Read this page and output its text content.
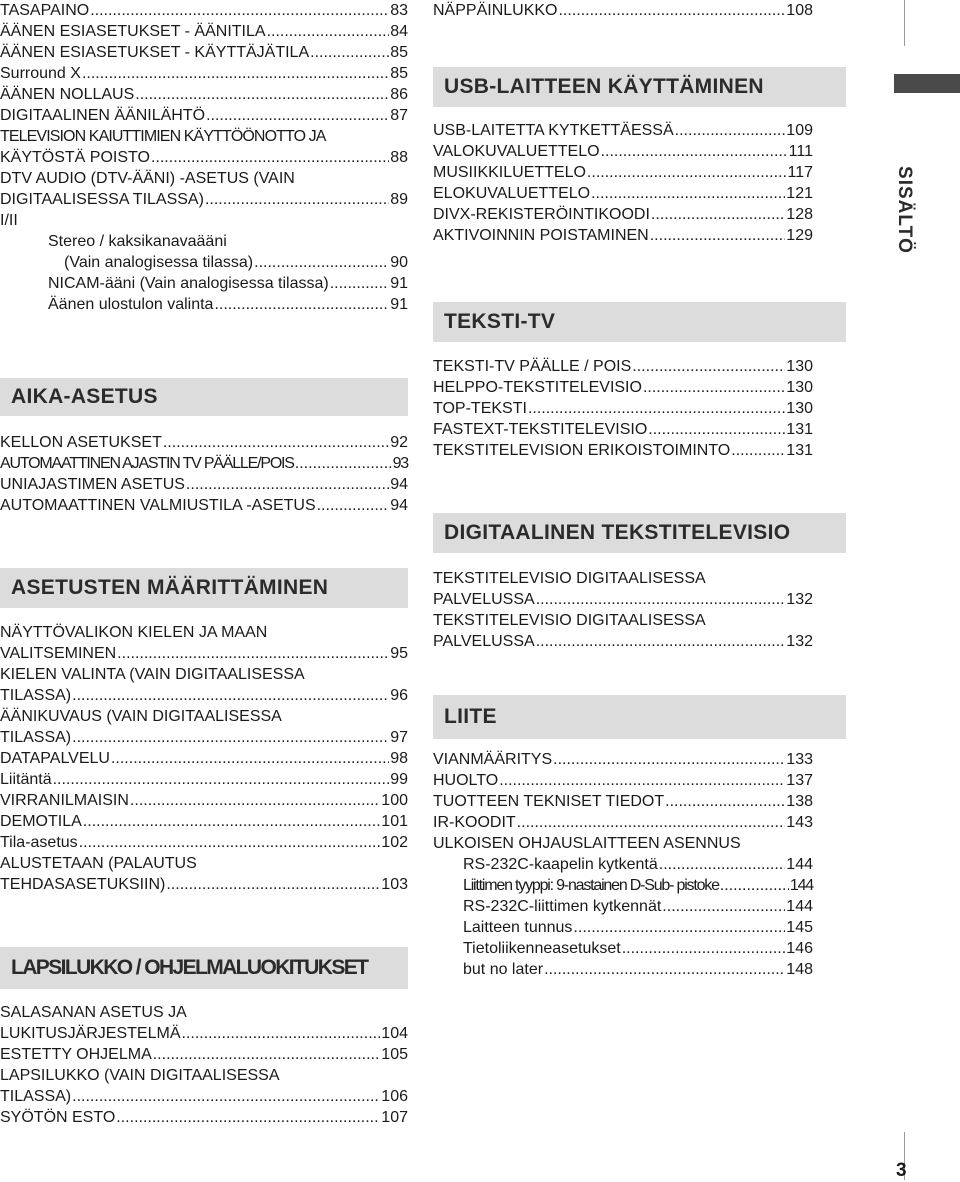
TASAPAINO .....	83
ÄÄNEN ESIASETUKSET - ÄÄNITILA .....	84
ÄÄNEN ESIASETUKSET - KÄYTTÄJÄTILA .....	85
Surround X .....	85
ÄÄNEN NOLLAUS .....	86
DIGITAALINEN ÄÄNILÄHTÖ .....	87
TELEVISION KAIUTTIMIEN KÄYTTÖÖNOTTO JA
KÄYTÖSTÄ POISTO .....	88
DTV AUDIO (DTV-ÄÄNI) -ASETUS (VAIN
DIGITAALISESSA TILASSA) .....	89
I/II
Stereo / kaksikanavaääni
(Vain analogisessa tilassa) .....	90
NICAM-ääni (Vain analogisessa tilassa) .....	91
Äänen ulostulon valinta .....	91
AIKA-ASETUS
KELLON ASETUKSET .....	92
AUTOMAATTINEN AJASTIN TV PÄÄLLE/POIS .....	93
UNIAJASTIMEN ASETUS .....	94
AUTOMAATTINEN VALMIUSTILA -ASETUS .....	94
ASETUSTEN MÄÄRITTÄMINEN
NÄYTTÖVALIKON KIELEN JA MAAN
VALITSEMINEN .....	95
KIELEN VALINTA (VAIN DIGITAALISESSA
TILASSA) .....	96
ÄÄNIKUVAUS (VAIN DIGITAALISESSA
TILASSA) .....	97
DATAPALVELU .....	98
Liitäntä .....	99
VIRRANILMAISIN .....	100
DEMOTILA .....	101
Tila-asetus .....	102
ALUSTETAAN (PALAUTUS
TEHDASASETUKSIIN) .....	103
LAPSILUKKO / OHJELMALUOKITUKSET
SALASANAN ASETUS JA
LUKITUSJÄRJESTELMÄ .....	104
ESTETTY OHJELMA .....	105
LAPSILUKKO (VAIN DIGITAALISESSA
TILASSA) .....	106
SYÖTÖN ESTO .....	107
NÄPPÄINLUKKO .....	108
USB-LAITTEEN KÄYTTÄMINEN
USB-LAITETTA KYTKETTÄESSÄ .....	109
VALOKUVALUETTELO .....	111
MUSIIKKILUETTELO .....	117
ELOKUVALUETTELO .....	121
DIVX-REKISTERÖINTIKOODI .....	128
AKTIVOINNIN POISTAMINEN .....	129
TEKSTI-TV
TEKSTI-TV PÄÄLLE / POIS .....	130
HELPPO-TEKSTITELEVISIO .....	130
TOP-TEKSTI .....	130
FASTEXT-TEKSTITELEVISIO .....	131
TEKSTITELEVISION ERIKOISTOIMINTO .....	131
DIGITAALINEN TEKSTITELEVISIO
TEKSTITELEVISIO DIGITAALISESSA
PALVELUSSA .....	132
TEKSTITELEVISIO DIGITAALISESSA
PALVELUSSA .....	132
LIITE
VIANMÄÄRITYS .....	133
HUOLTO .....	137
TUOTTEEN TEKNISET TIEDOT .....	138
IR-KOODIT .....	143
ULKOISEN OHJAUSLAITTEEN ASENNUS
RS-232C-kaapelin kytkentä .....	144
Liittimen tyyppi: 9-nastainen D-Sub- pistoke .....	144
RS-232C-liittimen kytkennät .....	144
Laitteen tunnus .....	145
Tietoliikenneasetukset .....	146
but no later .....	148
SISÄLTÖ
3
